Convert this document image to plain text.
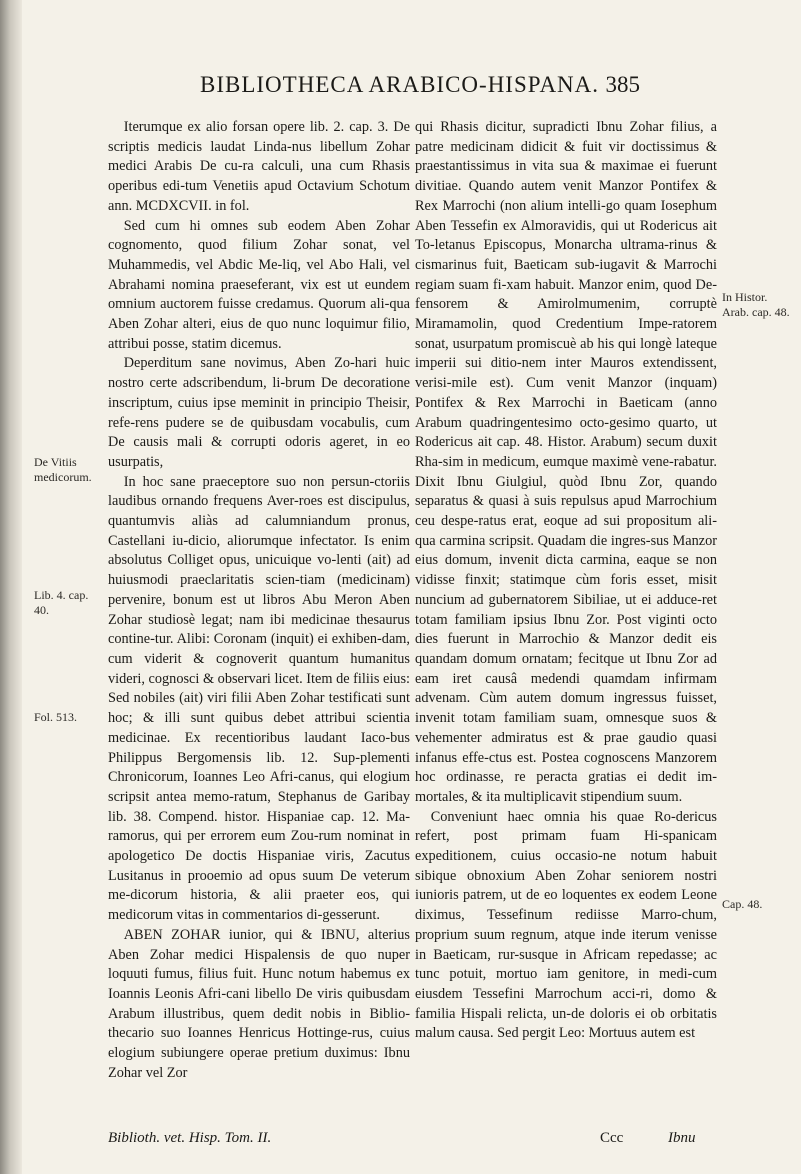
BIBLIOTHECA ARABICO-HISPANA. 385

Iterumque ex alio forsan opere lib. 2. cap. 3. De scriptis medicis laudat Linda-nus libellum Zohar medici Arabis De cu-ra calculi, una cum Rhasis operibus edi-tum Venetiis apud Octavium Schotum ann. MCDXCVII. in fol.

Sed cum hi omnes sub eodem Aben Zohar cognomento, quod filium Zohar sonat, vel Muhammedis, vel Abdic Me-liq, vel Abo Hali, vel Abrahami nomina praeseferant, vix est ut eundem omnium auctorem fuisse credamus. Quorum ali-qua Aben Zohar alteri, eius de quo nunc loquimur filio, attribui posse, statim dicemus.

Deperditum sane novimus, Aben Zo-hari huic nostro certe adscribendum, li-brum De decoratione inscriptum, cuius ipse meminit in principio Theisir, refe-rens pudere se de quibusdam vocabulis, cum De causis mali & corrupti odoris ageret, in eo usurpatis,

In hoc sane praeceptore suo non persun-ctoriis laudibus ornando frequens Aver-roes est discipulus, quantumvis aliàs ad calumniandum pronus, Castellani iu-dicio, aliorumque infectator. Is enim absolutus Colliget opus, unicuique vo-lenti (ait) ad huiusmodi praeclaritatis scien-tiam (medicinam) pervenire, bonum est ut libros Abu Meron Aben Zohar studiosè legat; nam ibi medicinae thesaurus contine-tur. Alibi: Coronam (inquit) ei exhiben-dam, cum viderit & cognoverit quantum humanitus videri, cognosci & observari licet. Item de filiis eius: Sed nobiles (ait) viri filii Aben Zohar testificati sunt hoc; & illi sunt quibus debet attribui scientia medicinae. Ex recentioribus laudant Iaco-bus Philippus Bergomensis lib. 12. Sup-plementi Chronicorum, Ioannes Leo Afri-canus, qui elogium scripsit antea memo-ratum, Stephanus de Garibay lib. 38. Compend. histor. Hispaniae cap. 12. Ma-ramorus, qui per errorem eum Zou-rum nominat in apologetico De doctis Hispaniae viris, Zacutus Lusitanus in prooemio ad opus suum De veterum me-dicorum historia, & alii praeter eos, qui medicorum vitas in commentarios di-gesserunt.

ABEN ZOHAR iunior, qui & IBNU, alterius Aben Zohar medici Hispalensis de quo nuper loquuti fumus, filius fuit. Hunc notum habemus ex Ioannis Leonis Afri-cani libello De viris quibusdam Arabum illustribus, quem dedit nobis in Biblio-thecario suo Ioannes Henricus Hottinge-rus, cuius elogium subiungere operae pretium duximus: Ibnu Zohar vel Zor

qui Rhasis dicitur, supradicti Ibnu Zohar filius, a patre medicinam didicit & fuit vir doctissimus & praestantissimus in vita sua & maximae ei fuerunt divitiae. Quando autem venit Manzor Pontifex & Rex Marrochi (non alium intelli-go quam Iosephum Aben Tessefin ex Almoravidis, qui ut Rodericus ait To-letanus Episcopus, Monarcha ultrama-rinus & cismarinus fuit, Baeticam sub-iugavit & Marrochi regiam suam fi-xam habuit. Manzor enim, quod De-fensorem & Amirolmumenim, corruptè Miramamolin, quod Credentium Impe-ratorem sonat, usurpatum promiscuè ab his qui longè lateque imperii sui ditio-nem inter Mauros extendissent, verisi-mile est). Cum venit Manzor (inquam) Pontifex & Rex Marrochi in Baeticam (anno Arabum quadringentesimo octo-gesimo quarto, ut Rodericus ait cap. 48. Histor. Arabum) secum duxit Rha-sim in medicum, eumque maximè vene-rabatur. Dixit Ibnu Giulgiul, quòd Ibnu Zor, quando separatus & quasi à suis repulsus apud Marrochium ceu despe-ratus erat, eoque ad sui propositum ali-qua carmina scripsit. Quadam die ingres-sus Manzor eius domum, invenit dicta carmina, eaque se non vidisse finxit; statimque cùm foris esset, misit nuncium ad gubernatorem Sibiliae, ut ei adduce-ret totam familiam ipsius Ibnu Zor. Post viginti octo dies fuerunt in Marrochio & Manzor dedit eis quandam domum ornatam; fecitque ut Ibnu Zor ad eam iret causâ medendi quamdam infirmam advenam. Cùm autem domum ingressus fuisset, invenit totam familiam suam, omnesque suos & vehementer admiratus est & prae gaudio quasi infanus effe-ctus est. Postea cognoscens Manzorem hoc ordinasse, re peracta gratias ei dedit im-mortales, & ita multiplicavit stipendium suum.

Conveniunt haec omnia his quae Ro-dericus refert, post primam fuam Hi-spanicam expeditionem, cuius occasio-ne notum habuit sibique obnoxium Aben Zohar seniorem nostri iunioris patrem, ut de eo loquentes ex eodem Leone diximus, Tessefinum rediisse Marro-chum, proprium suum regnum, atque inde iterum venisse in Baeticam, rur-susque in Africam repedasse; ac tunc potuit, mortuo iam genitore, in medi-cum eiusdem Tessefini Marrochum acci-ri, domo & familia Hispali relicta, un-de doloris ei ob orbitatis malum causa. Sed pergit Leo: Mortuus autem est

De Vitiis medicorum.
Lib. 4. cap. 40.
Fol. 513.
In Histor. Arab. cap. 48.
Cap. 48.
Biblioth. vet. Hisp. Tom. II.	Ccc	Ibnu
